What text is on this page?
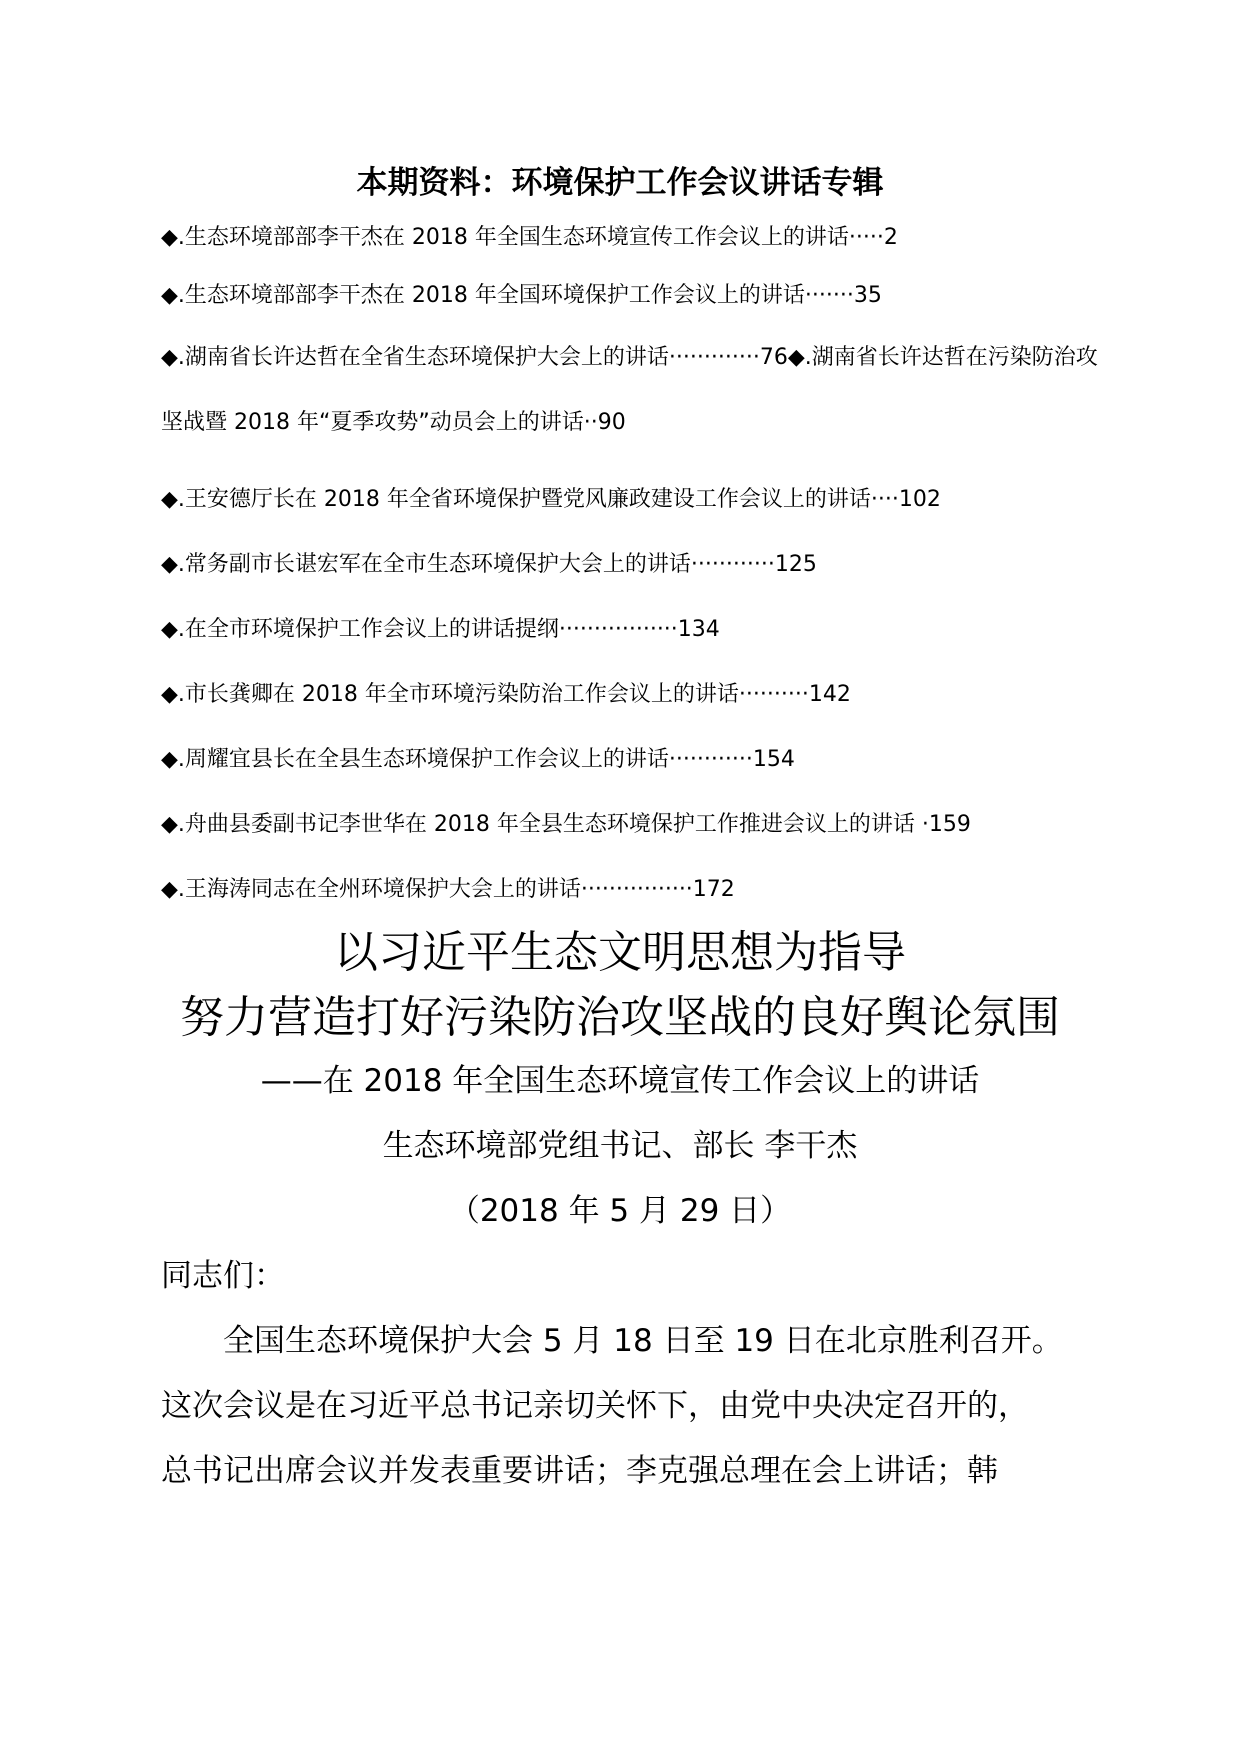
本期资料：环境保护工作会议讲话专辑
◆.生态环境部部李干杰在 2018 年全国生态环境宣传工作会议上的讲话·····2
◆.生态环境部部李干杰在 2018 年全国环境保护工作会议上的讲话·······35
◆.湖南省长许达哲在全省生态环境保护大会上的讲话·············76◆.湖南省长许达哲在污染防治攻坚战暨 2018 年“夏季攻势”动员会上的讲话··90
◆.王安德厅长在 2018 年全省环境保护暨党风廉政建设工作会议上的讲话····102
◆.常务副市长谌宏军在全市生态环境保护大会上的讲话············125
◆.在全市环境保护工作会议上的讲话提纲·················134
◆.市长龚卿在 2018 年全市环境污染防治工作会议上的讲话··········142
◆.周耀宜县长在全县生态环境保护工作会议上的讲话············154
◆.舟曲县委副书记李世华在 2018 年全县生态环境保护工作推进会议上的讲话 ·159
◆.王海涛同志在全州环境保护大会上的讲话················172
以习近平生态文明思想为指导
努力营造打好污染防治攻坚战的良好舆论氛围
——在 2018 年全国生态环境宣传工作会议上的讲话
生态环境部党组书记、部长 李干杰
（2018 年 5 月 29 日）
同志们：
　　全国生态环境保护大会 5 月 18 日至 19 日在北京胜利召开。
这次会议是在习近平总书记亲切关怀下，由党中央决定召开的，
总书记出席会议并发表重要讲话；李克强总理在会上讲话；韩
